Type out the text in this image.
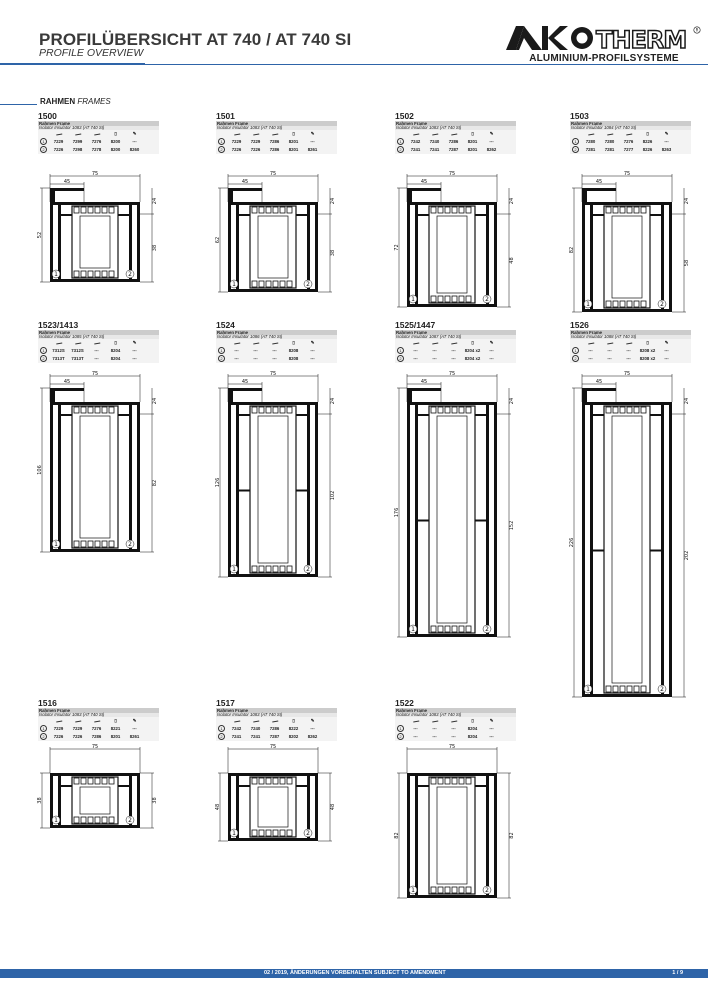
PROFILÜBERSICHT AT 740 / AT 740 SI
PROFILE OVERVIEW	THERM R
ALUMINIUM-PROFILSYSTEME
RAHMEN FRAMES
1500
Rahmen Frame
Isolator Insulator 1083 (AT 740 SI)
▯	✎
1	7229	7299	7276	8200	---
2	7226	7298	7278	8200	8260
75
45
1	2
52
24
38
1501
Rahmen Frame
Isolator Insulator 1083 (AT 740 SI)
▯	✎
1	7229	7229	7286	8201	---
2	7226	7226	7286	8201	8261
75
45
1	2
62
24
38
1502
Rahmen Frame
Isolator Insulator 1083 (AT 740 SI)
▯	✎
1	7242	7240	7286	8201	---
2	7241	7241	7287	8201	8262
75
45
1	2
72
24
48
1503
Rahmen Frame
Isolator Insulator 1084 (AT 740 SI)
▯	✎
1	7280	7280	7276	8226	---
2	7281	7281	7277	8226	8263
75
45
1	2
82
24
58
1523/1413
Rahmen Frame
Isolator Insulator 1085 (AT 740 SI)
▯	✎
1	7312S	7312S	---	8204	---
2	7313T	7313T	---	8204	---
75
45
1	2
106
24
82
1524
Rahmen Frame
Isolator Insulator 1086 (AT 740 SI)
▯	✎
1	---	---	---	8208	---
2	---	---	---	8208	---
75
45
1	2
126
24
102
1525/1447
Rahmen Frame
Isolator Insulator 1087 (AT 740 SI)
▯	✎
1	---	---	---	8204 x2	---
2	---	---	---	8204 x2	---
75
45
1	2
176
24
152
1526
Rahmen Frame
Isolator Insulator 1088 (AT 740 SI)
▯	✎
1	---	---	---	8208 x2	---
2	---	---	---	8208 x2	---
75
45
1	2
226
24
202
1516
Rahmen Frame
Isolator Insulator 1083 (AT 740 SI)
▯	✎
1	7229	7229	7276	8221	---
2	7226	7226	7286	8201	8261
75
1	2
38	38
1517
Rahmen Frame
Isolator Insulator 1083 (AT 740 SI)
▯	✎
1	7242	7240	7286	8222	---
2	7241	7241	7287	8202	8262
75
1	2
48	48
1522
Rahmen Frame
Isolator Insulator 1083 (AT 740 SI)
▯	✎
1	---	---	---	8204	---
2	---	---	---	8204	---
75
1	2
82	82
02 / 2019, ÄNDERUNGEN VORBEHALTEN SUBJECT TO AMENDMENT	1 / 9
